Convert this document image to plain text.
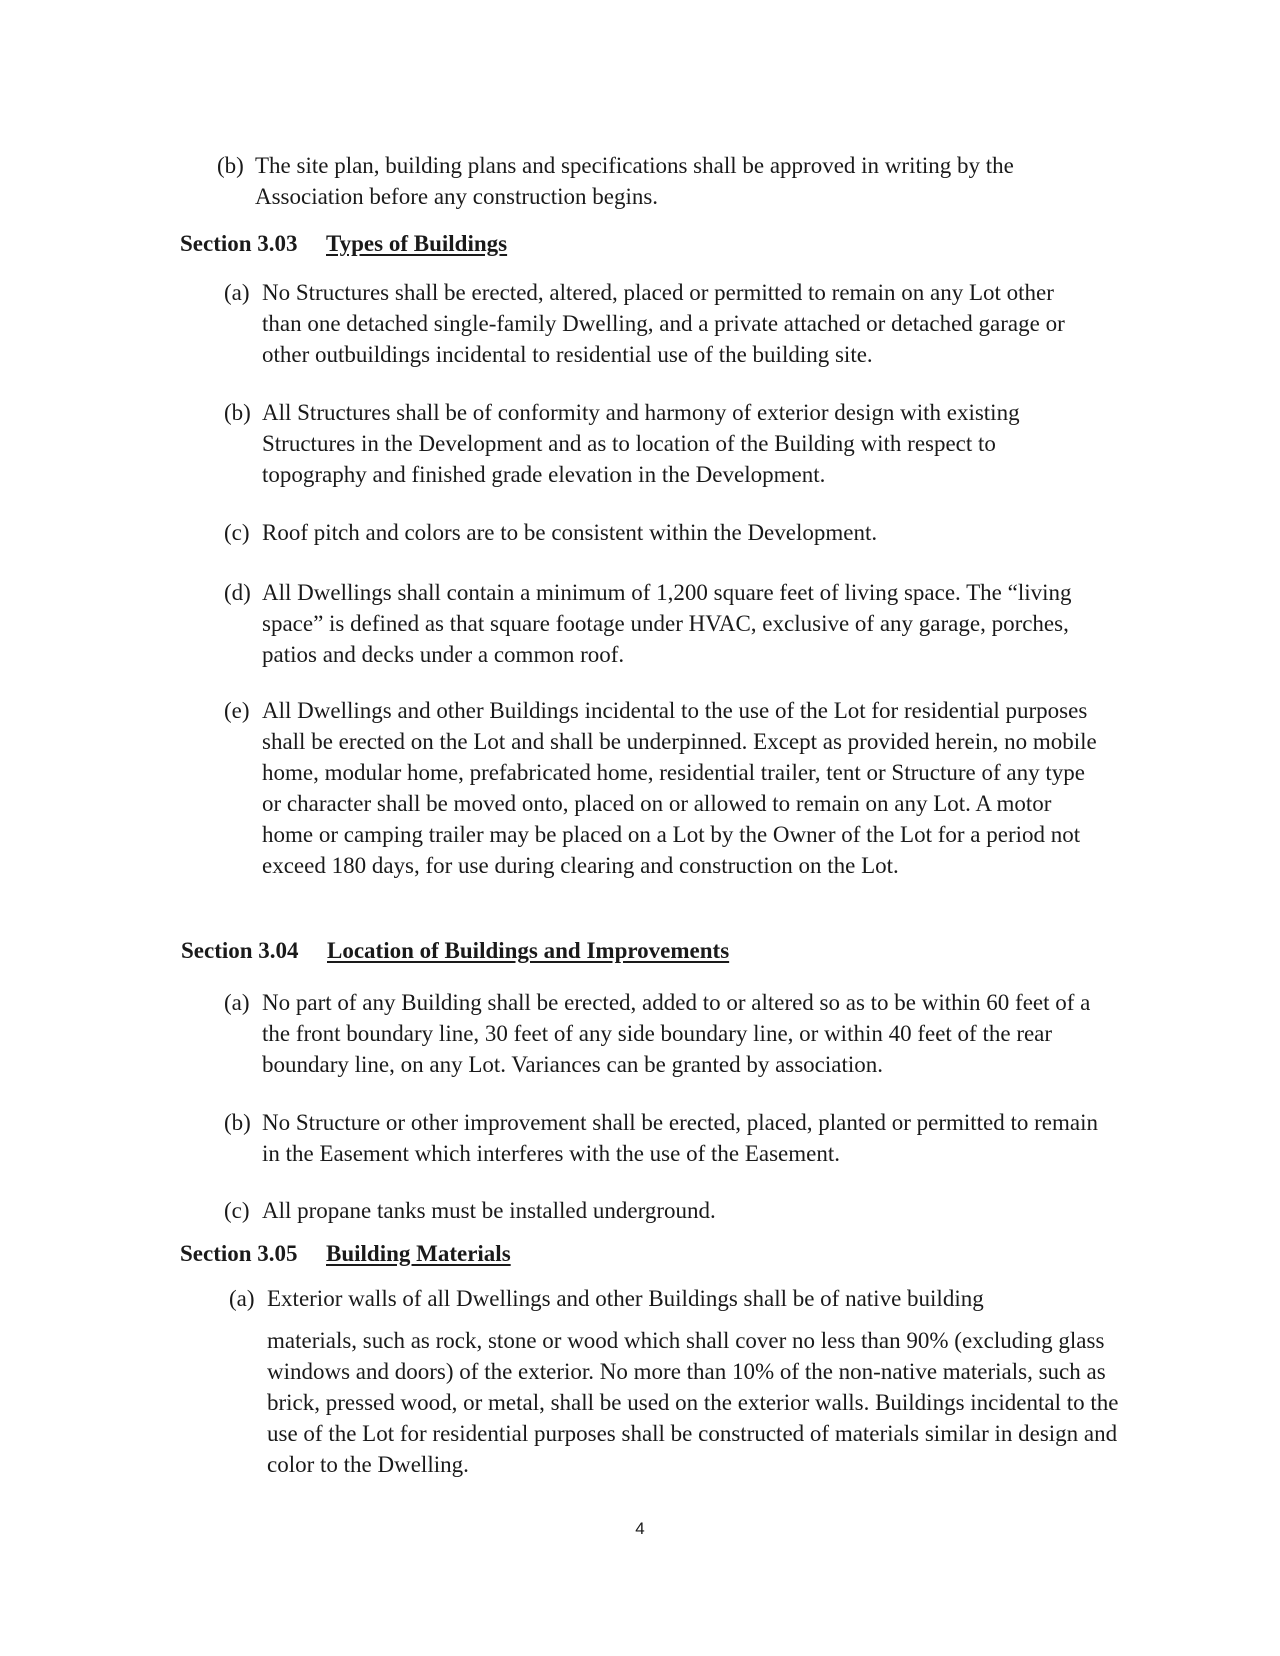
(b) The site plan, building plans and specifications shall be approved in writing by the Association before any construction begins.
Section 3.03 Types of Buildings
(a) No Structures shall be erected, altered, placed or permitted to remain on any Lot other than one detached single-family Dwelling, and a private attached or detached garage or other outbuildings incidental to residential use of the building site.
(b) All Structures shall be of conformity and harmony of exterior design with existing Structures in the Development and as to location of the Building with respect to topography and finished grade elevation in the Development.
(c) Roof pitch and colors are to be consistent within the Development.
(d) All Dwellings shall contain a minimum of 1,200 square feet of living space. The “living space” is defined as that square footage under HVAC, exclusive of any garage, porches, patios and decks under a common roof.
(e) All Dwellings and other Buildings incidental to the use of the Lot for residential purposes shall be erected on the Lot and shall be underpinned. Except as provided herein, no mobile home, modular home, prefabricated home, residential trailer, tent or Structure of any type or character shall be moved onto, placed on or allowed to remain on any Lot. A motor home or camping trailer may be placed on a Lot by the Owner of the Lot for a period not exceed 180 days, for use during clearing and construction on the Lot.
Section 3.04 Location of Buildings and Improvements
(a) No part of any Building shall be erected, added to or altered so as to be within 60 feet of a the front boundary line, 30 feet of any side boundary line, or within 40 feet of the rear boundary line, on any Lot. Variances can be granted by association.
(b) No Structure or other improvement shall be erected, placed, planted or permitted to remain in the Easement which interferes with the use of the Easement.
(c) All propane tanks must be installed underground.
Section 3.05 Building Materials
(a) Exterior walls of all Dwellings and other Buildings shall be of native building
materials, such as rock, stone or wood which shall cover no less than 90% (excluding glass windows and doors) of the exterior. No more than 10% of the non-native materials, such as brick, pressed wood, or metal, shall be used on the exterior walls. Buildings incidental to the use of the Lot for residential purposes shall be constructed of materials similar in design and color to the Dwelling.
4
